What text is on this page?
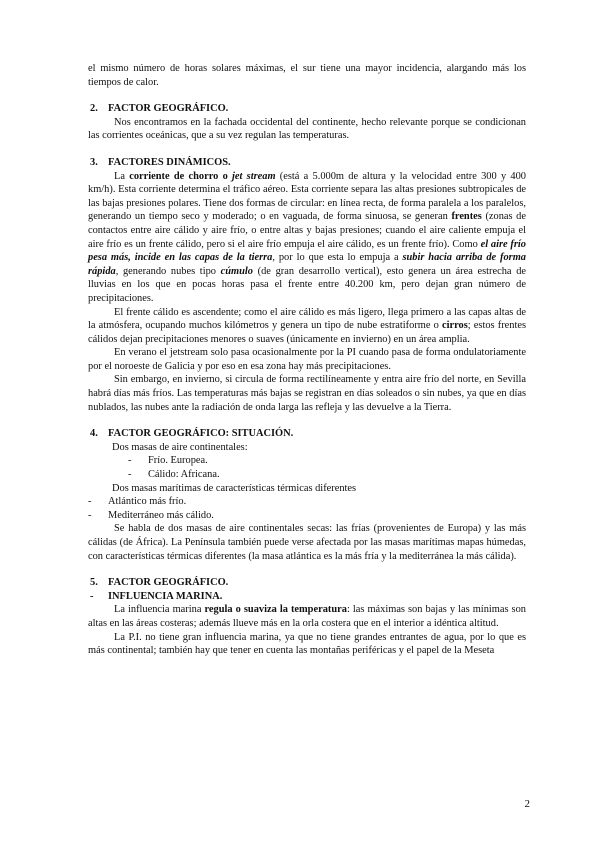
el mismo número de horas solares máximas, el sur tiene una mayor incidencia, alargando más los tiempos de calor.

2. FACTOR GEOGRÁFICO.

Nos encontramos en la fachada occidental del continente, hecho relevante porque se condicionan las corrientes oceánicas, que a su vez regulan las temperaturas.

3. FACTORES DINÁMICOS.

La corriente de chorro o jet stream (está a 5.000m de altura y la velocidad entre 300 y 400 km/h). Esta corriente determina el tráfico aéreo. Esta corriente separa las altas presiones subtropicales de las bajas presiones polares. Tiene dos formas de circular: en línea recta, de forma paralela a los paralelos, generando un tiempo seco y moderado; o en vaguada, de forma sinuosa, se generan frentes (zonas de contactos entre aire cálido y aire frío, o entre altas y bajas presiones; cuando el aire caliente empuja el aire frío es un frente cálido, pero si el aire frío empuja el aire cálido, es un frente frío). Como el aire frío pesa más, incide en las capas de la tierra, por lo que esta lo empuja a subir hacia arriba de forma rápida, generando nubes tipo cúmulo (de gran desarrollo vertical), esto genera un área estrecha de lluvias en los que en pocas horas pasa el frente entre 40.200 km, pero dejan gran número de precipitaciones.

El frente cálido es ascendente; como el aire cálido es más ligero, llega primero a las capas altas de la atmósfera, ocupando muchos kilómetros y genera un tipo de nube estratiforme o cirros; estos frentes cálidos dejan precipitaciones menores o suaves (únicamente en invierno) en un área amplia.

En verano el jetstream solo pasa ocasionalmente por la PI cuando pasa de forma ondulatoriamente por el noroeste de Galicia y por eso en esa zona hay más precipitaciones.

Sin embargo, en invierno, si circula de forma rectilíneamente y entra aire frío del norte, en Sevilla habrá días más fríos. Las temperaturas más bajas se registran en días soleados o sin nubes, ya que en días nublados, las nubes ante la radiación de onda larga las refleja y las devuelve a la Tierra.

4. FACTOR GEOGRÁFICO: SITUACIÓN.

Dos masas de aire continentales:

- Frío. Europea.

- Cálido: Africana.

Dos masas marítimas de características térmicas diferentes

- Atlántico más frío.

- Mediterráneo más cálido.

Se habla de dos masas de aire continentales secas: las frías (provenientes de Europa) y las más cálidas (de África). La Península también puede verse afectada por las masas marítimas mapas húmedas, con características térmicas diferentes (la masa atlántica es la más fría y la mediterránea la más cálida).

5. FACTOR GEOGRÁFICO.

- INFLUENCIA MARINA.

La influencia marina regula o suaviza la temperatura: las máximas son bajas y las mínimas son altas en las áreas costeras; además llueve más en la orla costera que en el interior a idéntica altitud.

La P.I. no tiene gran influencia marina, ya que no tiene grandes entrantes de agua, por lo que es más continental; también hay que tener en cuenta las montañas periféricas y el papel de la Meseta

2
